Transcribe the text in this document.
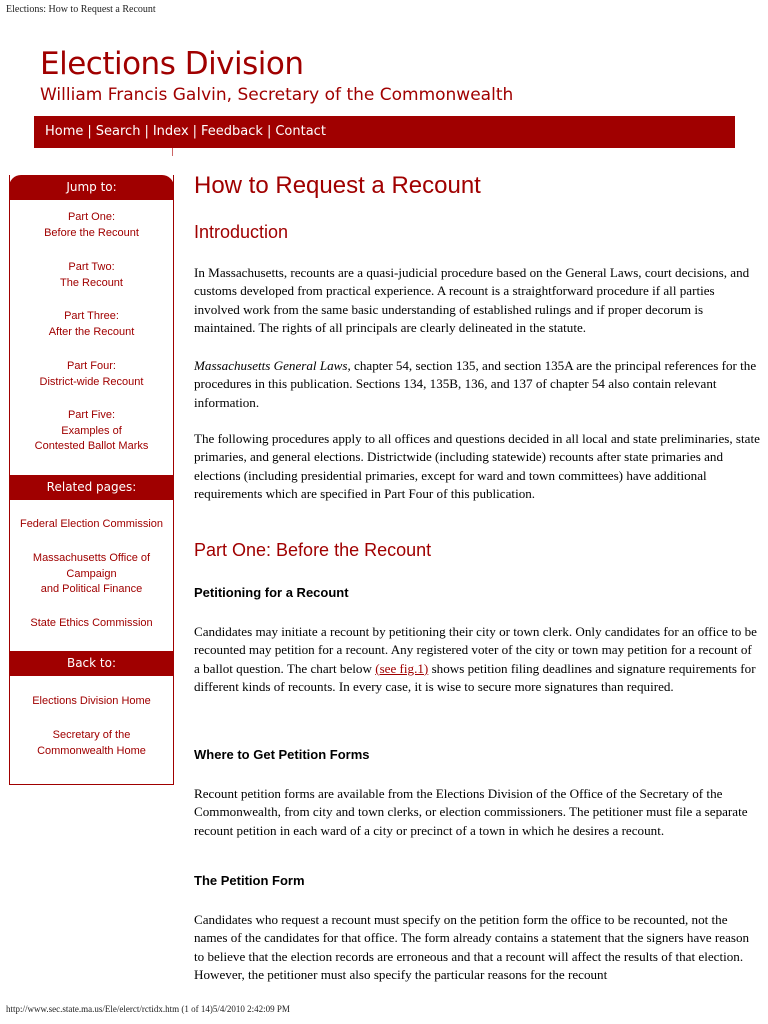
Elections: How to Request a Recount
Elections Division
William Francis Galvin, Secretary of the Commonwealth
Home | Search | Index | Feedback | Contact
Jump to:
Part One:
Before the Recount
Part Two:
The Recount
Part Three:
After the Recount
Part Four:
District-wide Recount
Part Five:
Examples of
Contested Ballot Marks
Related pages:
Federal Election Commission
Massachusetts Office of
Campaign
and Political Finance
State Ethics Commission
Back to:
Elections Division Home
Secretary of the
Commonwealth Home
How to Request a Recount
Introduction

In Massachusetts, recounts are a quasi-judicial procedure based on the General Laws, court decisions, and customs developed from practical experience. A recount is a straightforward procedure if all parties involved work from the same basic understanding of established rulings and if proper decorum is maintained. The rights of all principals are clearly delineated in the statute.

Massachusetts General Laws, chapter 54, section 135, and section 135A are the principal references for the procedures in this publication. Sections 134, 135B, 136, and 137 of chapter 54 also contain relevant information.

The following procedures apply to all offices and questions decided in all local and state preliminaries, state primaries, and general elections. Districtwide (including statewide) recounts after state primaries and elections (including presidential primaries, except for ward and town committees) have additional requirements which are specified in Part Four of this publication.

Part One: Before the Recount
Petitioning for a Recount

Candidates may initiate a recount by petitioning their city or town clerk. Only candidates for an office to be recounted may petition for a recount. Any registered voter of the city or town may petition for a recount of a ballot question. The chart below (see fig.1) shows petition filing deadlines and signature requirements for different kinds of recounts. In every case, it is wise to secure more signatures than required.

Where to Get Petition Forms

Recount petition forms are available from the Elections Division of the Office of the Secretary of the Commonwealth, from city and town clerks, or election commissioners. The petitioner must file a separate recount petition in each ward of a city or precinct of a town in which he desires a recount.

The Petition Form

Candidates who request a recount must specify on the petition form the office to be recounted, not the names of the candidates for that office. The form already contains a statement that the signers have reason to believe that the election records are erroneous and that a recount will affect the results of that election. However, the petitioner must also specify the particular reasons for the recount

http://www.sec.state.ma.us/Ele/elerct/rctidx.htm (1 of 14)5/4/2010 2:42:09 PM
